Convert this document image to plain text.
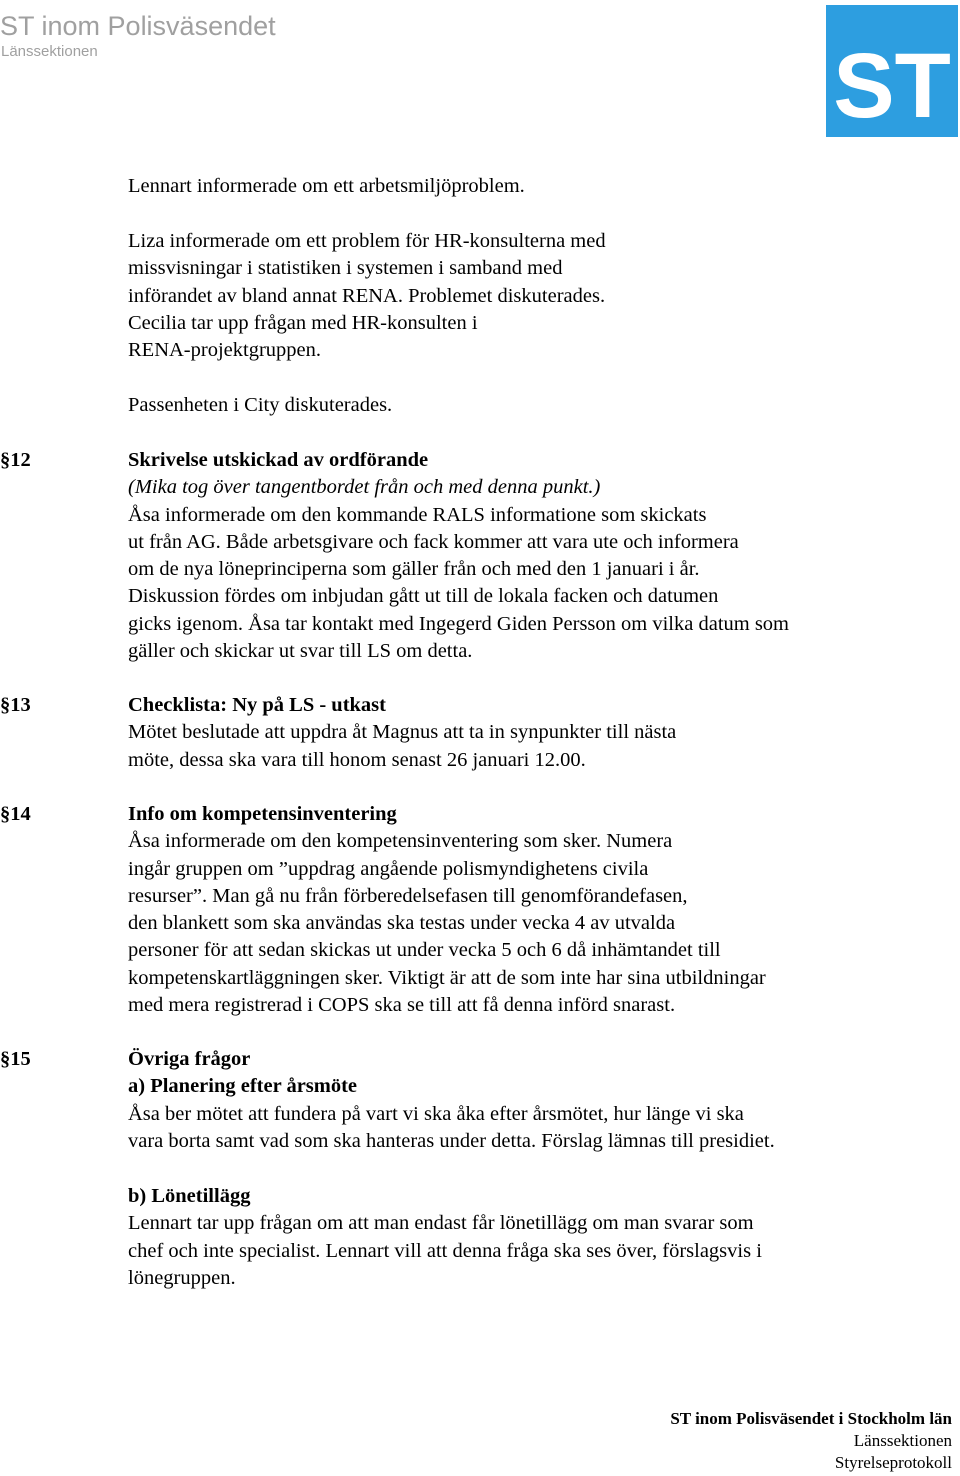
ST inom Polisväsendet
Länssektionen	ST

Lennart informerade om ett arbetsmiljöproblem.

Liza informerade om ett problem för HR-konsulterna med

missvisningar i statistiken i systemen i samband med

införandet av bland annat RENA. Problemet diskuterades.

Cecilia tar upp frågan med HR-konsulten i

RENA-projektgruppen.

Passenheten i City diskuterades.

§12	Skrivelse utskickad av ordförande

(Mika tog över tangentbordet från och med denna punkt.)

Åsa informerade om den kommande RALS informatione som skickats

ut från AG. Både arbetsgivare och fack kommer att vara ute och informera

om de nya löneprinciperna som gäller från och med den 1 januari i år.

Diskussion fördes om inbjudan gått ut till de lokala facken och datumen

gicks igenom. Åsa tar kontakt med Ingegerd Giden Persson om vilka datum som

gäller och skickar ut svar till LS om detta.

§13	Checklista: Ny på LS - utkast

Mötet beslutade att uppdra åt Magnus att ta in synpunkter till nästa

möte, dessa ska vara till honom senast 26 januari 12.00.

§14	Info om kompetensinventering

Åsa informerade om den kompetensinventering som sker. Numera

ingår gruppen om ”uppdrag angående polismyndighetens civila

resurser”. Man gå nu från förberedelsefasen till genomförandefasen,

den blankett som ska användas ska testas under vecka 4 av utvalda

personer för att sedan skickas ut under vecka 5 och 6 då inhämtandet till

kompetenskartläggningen sker. Viktigt är att de som inte har sina utbildningar

med mera registrerad i COPS ska se till att få denna införd snarast.

§15	Övriga frågor

a) Planering efter årsmöte

Åsa ber mötet att fundera på vart vi ska åka efter årsmötet, hur länge vi ska

vara borta samt vad som ska hanteras under detta. Förslag lämnas till presidiet.

b) Lönetillägg

Lennart tar upp frågan om att man endast får lönetillägg om man svarar som

chef och inte specialist. Lennart vill att denna fråga ska ses över, förslagsvis i

lönegruppen.

ST inom Polisväsendet i Stockholm län
Länssektionen
Styrelseprotokoll
